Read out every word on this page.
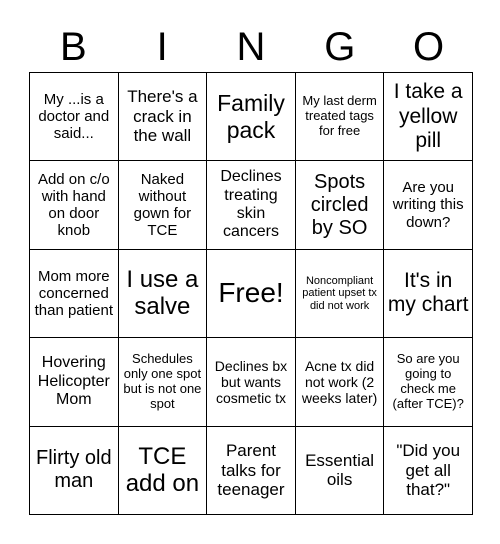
B	I	N	G	O
My ...is a doctor and said...
There's a crack in the wall
Family pack
My last derm treated tags for free
I take a yellow pill
Add on c/o with hand on door knob
Naked without gown for TCE
Declines treating skin cancers
Spots circled by SO
Are you writing this down?
Mom more concerned than patient
I use a salve Free!	Noncompliant patient upset tx did not work
It's in my chart
Hovering Helicopter Mom
Schedules only one spot but is not one spot
Declines bx but wants cosmetic tx
Acne tx did not work (2 weeks later)
So are you going to check me (after TCE)?
Flirty old man
TCE add on
Parent talks for teenager
Essential oils
"Did you get all that?"
